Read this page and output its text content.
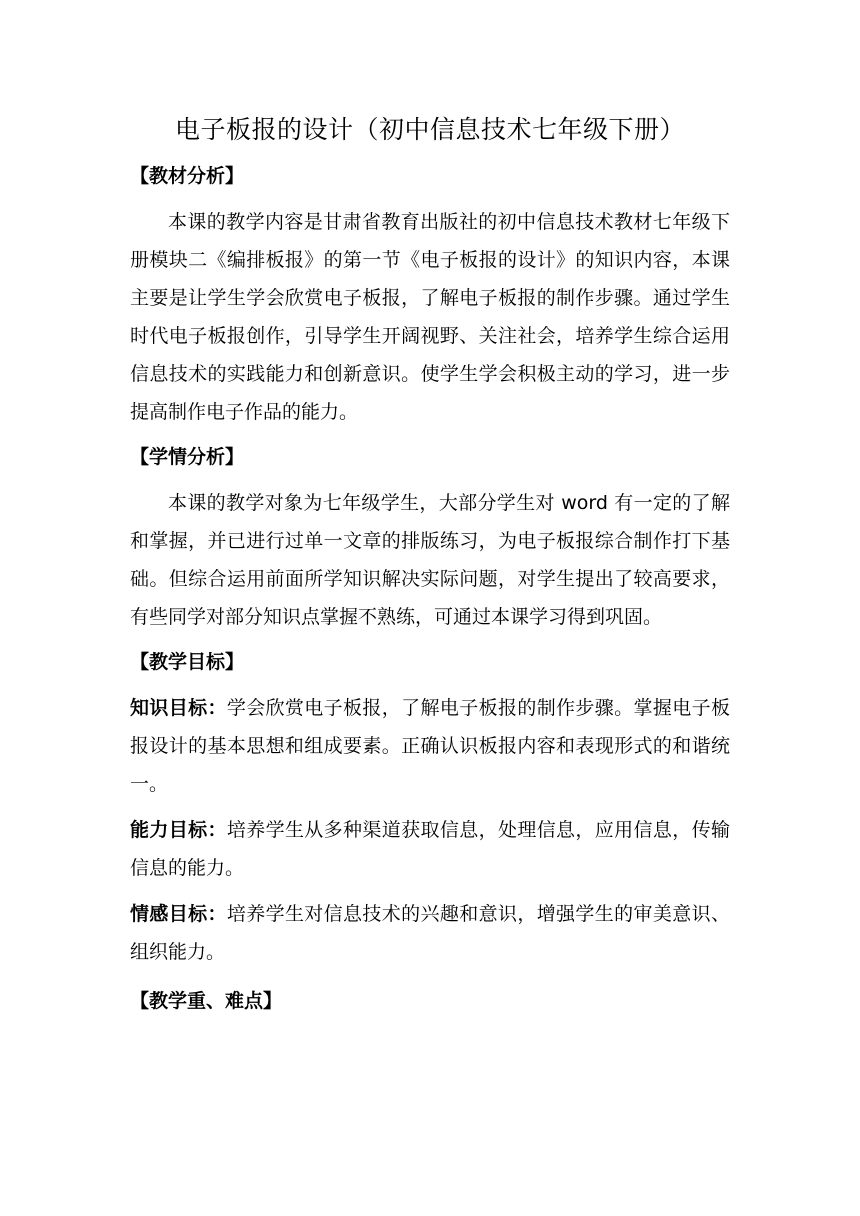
电子板报的设计（初中信息技术七年级下册）
【教材分析】

本课的教学内容是甘肃省教育出版社的初中信息技术教材七年级下册模块二《编排板报》的第一节《电子板报的设计》的知识内容，本课主要是让学生学会欣赏电子板报，了解电子板报的制作步骤。通过学生时代电子板报创作，引导学生开阔视野、关注社会，培养学生综合运用信息技术的实践能力和创新意识。使学生学会积极主动的学习，进一步提高制作电子作品的能力。

【学情分析】

本课的教学对象为七年级学生，大部分学生对 word 有一定的了解和掌握，并已进行过单一文章的排版练习，为电子板报综合制作打下基础。但综合运用前面所学知识解决实际问题，对学生提出了较高要求，有些同学对部分知识点掌握不熟练，可通过本课学习得到巩固。

【教学目标】

知识目标：学会欣赏电子板报，了解电子板报的制作步骤。掌握电子板报设计的基本思想和组成要素。正确认识板报内容和表现形式的和谐统一。

能力目标：培养学生从多种渠道获取信息，处理信息，应用信息，传输信息的能力。

情感目标：培养学生对信息技术的兴趣和意识，增强学生的审美意识、组织能力。

【教学重、难点】
